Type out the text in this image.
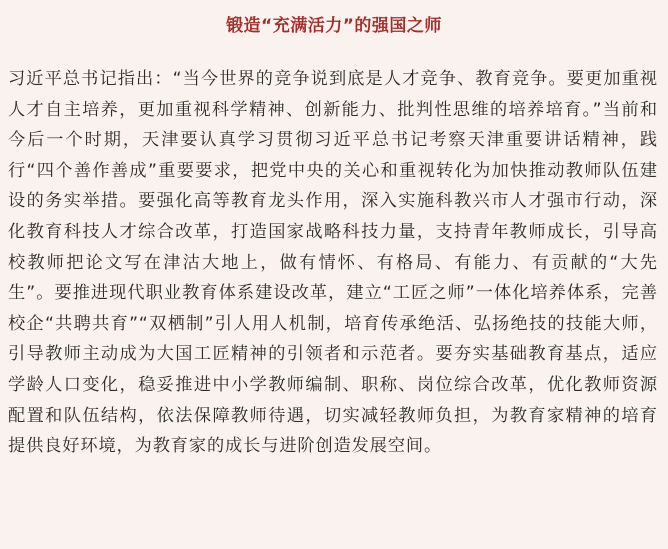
锻造“充满活力”的强国之师

习近平总书记指出：“当今世界的竞争说到底是人才竞争、教育竞争。要更加重视人才自主培养，更加重视科学精神、创新能力、批判性思维的培养培育。”当前和今后一个时期，天津要认真学习贯彻习近平总书记考察天津重要讲话精神，践行“四个善作善成”重要要求，把党中央的关心和重视转化为加快推动教师队伍建设的务实举措。要强化高等教育龙头作用，深入实施科教兴市人才强市行动，深化教育科技人才综合改革，打造国家战略科技力量，支持青年教师成长，引导高校教师把论文写在津沽大地上，做有情怀、有格局、有能力、有贡献的“大先生”。要推进现代职业教育体系建设改革，建立“工匠之师”一体化培养体系，完善校企“共聘共育”“双栖制”引人用人机制，培育传承绝活、弘扬绝技的技能大师，引导教师主动成为大国工匠精神的引领者和示范者。要夯实基础教育基点，适应学龄人口变化，稳妥推进中小学教师编制、职称、岗位综合改革，优化教师资源配置和队伍结构，依法保障教师待遇，切实减轻教师负担，为教育家精神的培育提供良好环境，为教育家的成长与进阶创造发展空间。
